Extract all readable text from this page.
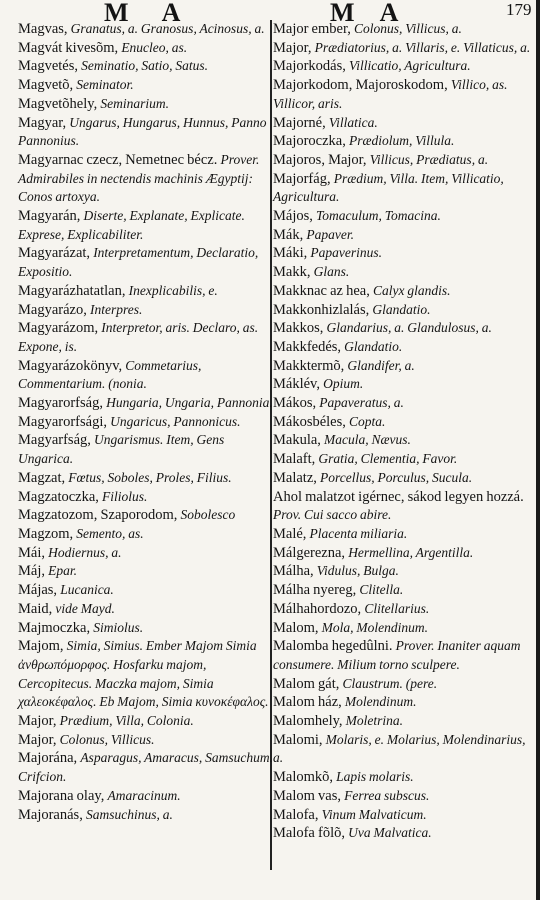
M A	M A	179
Magvas, Granatus, a. Granosus, Acinosus, a.
Magvát kivesõm, Enucleo, as.
Magvetés, Seminatio, Satio, Satus.
Magvetõ, Seminator.
Magvetõhely, Seminarium.
Magyar, Ungarus, Hungarus, Hunnus, Panno Pannonius.
Magyarnac czecz, Nemetnec bécz. Prover. Admirabiles in nectendis machinis Ægyptij: Conos artoxya.
Magyarán, Diserte, Explanate, Explicate. Exprese, Explicabiliter.
Magyarázat, Interpretamentum, Declaratio, Expositio.
Magyarázhatatlan, Inexplicabilis, e.
Magyarázo, Interpres.
Magyarázom, Interpretor, aris. Declaro, as. Expone, is.
Magyarázokönyv, Commetarius, Commentarium. (nonia.
Magyarorfság, Hungaria, Ungaria, Pannonia.
Magyarorfsági, Ungaricus, Pannonicus.
Magyarfság, Ungarismus. Item, Gens Ungarica.
Magzat, Fœtus, Soboles, Proles, Filius.
Magzatoczka, Filiolus.
Magzatozom, Szaporodom, Sobolesco
Magzom, Semento, as.
Mái, Hodiernus, a.
Máj, Epar.
Májas, Lucanica.
Maid, vide Mayd.
Majmoczka, Simiolus.
Majom, Simia, Simius. Ember Majom Simia ἀνθρωπόμορφος. Hosfarku majom, Cercopitecus. Maczka majom, Simia χαλεοκέφαλος. Eb Majom, Simia κυνοκέφαλος.
Major, Prædium, Villa, Colonia.
Major, Colonus, Villicus.
Majorána, Asparagus, Amaracus, Samsuchum. Crifcion.
Majorana olay, Amaracinum.
Majoranás, Samsuchinus, a.
Major ember, Colonus, Villicus, a.
Major, Prædiatorius, a. Villaris, e. Villaticus, a.
Majorkodás, Villicatio, Agricultura.
Majorkodom, Majoroskodom, Villico, as. Villicor, aris.
Majorné, Villatica.
Majoroczka, Prædiolum, Villula.
Majoros, Major, Villicus, Prædiatus, a.
Majorfág, Prædium, Villa. Item, Villicatio, Agricultura.
Májos, Tomaculum, Tomacina.
Mák, Papaver.
Máki, Papaverinus.
Makk, Glans.
Makknac az hea, Calyx glandis.
Makkonhizlalás, Glandatio.
Makkos, Glandarius, a. Glandulosus, a.
Makkfedés, Glandatio.
Makktermõ, Glandifer, a.
Máklév, Opium.
Mákos, Papaveratus, a.
Mákosbéles, Copta.
Makula, Macula, Nævus.
Malaft, Gratia, Clementia, Favor.
Malatz, Porcellus, Porculus, Sucula.
Ahol malatzot igérnec, sákod legyen hozzá. Prov. Cui sacco abire.
Malé, Placenta miliaria.
Málgerezna, Hermellina, Argentilla.
Málha, Vidulus, Bulga.
Málha nyereg, Clitella.
Málhahordozo, Clitellarius.
Malom, Mola, Molendinum.
Malomba hegedûlni. Prover. Inaniter aquam consumere. Milium torno sculpere.
Malom gát, Claustrum. (pere.
Malom ház, Molendinum.
Malomhely, Moletrina.
Malomi, Molaris, e. Molarius, Molendinarius, a.
Malomkõ, Lapis molaris.
Malom vas, Ferrea subscus.
Malofa, Vinum Malvaticum.
Malofa fõlõ, Uva Malvatica.
